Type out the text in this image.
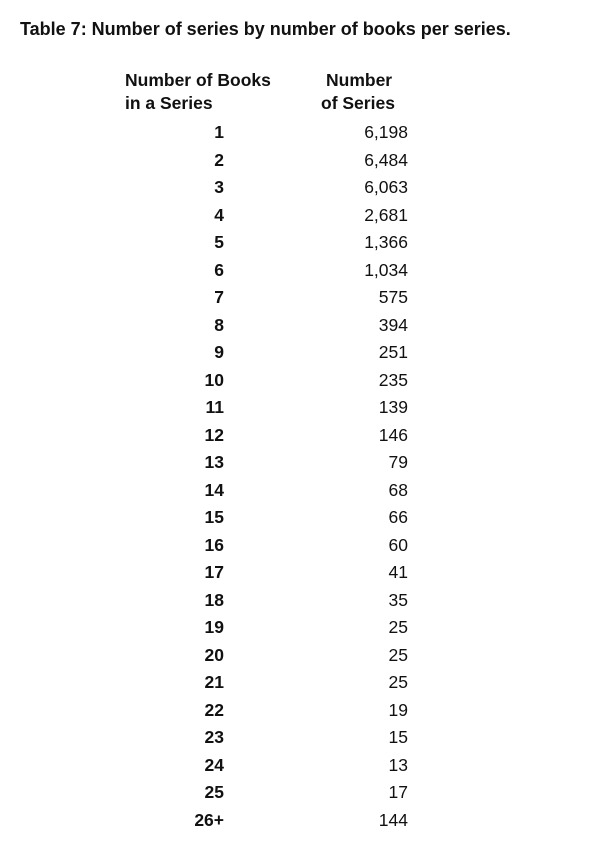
Table 7: Number of series by number of books per series.
Number of Books
in a Series
Number
of Series
1	6,198
2	6,484
3	6,063
4	2,681
5	1,366
6	1,034
7	575
8	394
9	251
10	235
11	139
12	146
13	79
14	68
15	66
16	60
17	41
18	35
19	25
20	25
21	25
22	19
23	15
24	13
25	17
26+	144
